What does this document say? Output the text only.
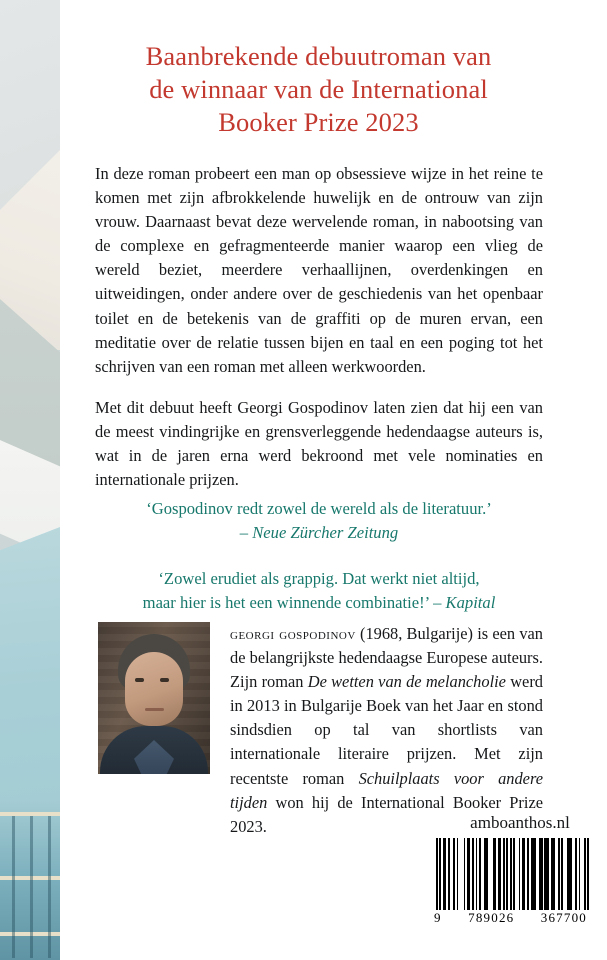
Baanbrekende debuutroman van
de winnaar van de International
Booker Prize 2023

In deze roman probeert een man op obsessieve wijze in het reine te komen met zijn afbrokkelende huwelijk en de ontrouw van zijn vrouw. Daarnaast bevat deze wervelende roman, in nabootsing van de complexe en gefragmenteerde manier waarop een vlieg de wereld beziet, meerdere verhaallijnen, overdenkingen en uitweidingen, onder andere over de geschiedenis van het openbaar toilet en de betekenis van de graffiti op de muren ervan, een meditatie over de relatie tussen bijen en taal en een poging tot het schrijven van een roman met alleen werkwoorden.

Met dit debuut heeft Georgi Gospodinov laten zien dat hij een van de meest vindingrijke en grensverleggende hedendaagse auteurs is, wat in de jaren erna werd bekroond met vele nominaties en internationale prijzen.

‘Gospodinov redt zowel de wereld als de literatuur.’
– Neue Zürcher Zeitung
‘Zowel erudiet als grappig. Dat werkt niet altijd,
maar hier is het een winnende combinatie!’ – Kapital
georgi gospodinov (1968, Bulgarije) is een van de belangrijkste hedendaagse Europese auteurs. Zijn roman De wetten van de melancholie werd in 2013 in Bulgarije Boek van het Jaar en stond sindsdien op tal van shortlists van internationale literaire prijzen. Met zijn recentste roman Schuilplaats voor andere tijden won hij de International Booker Prize 2023.	amboanthos.nl
9 789026 367700
